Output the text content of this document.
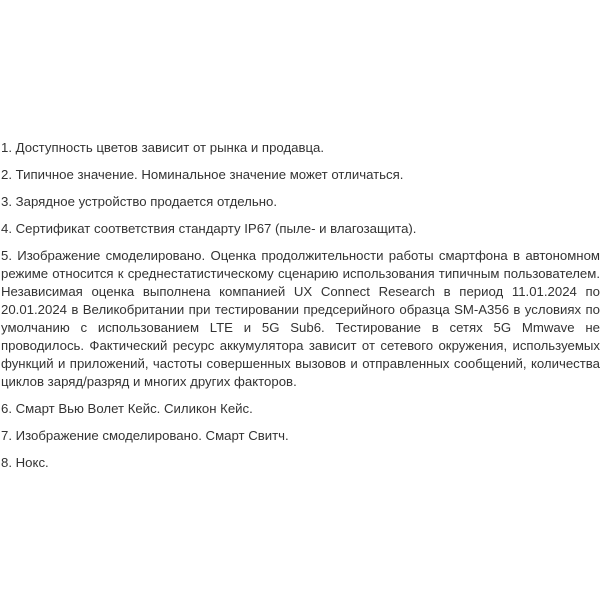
1. Доступность цветов зависит от рынка и продавца.

2. Типичное значение. Номинальное значение может отличаться.

3. Зарядное устройство продается отдельно.

4. Сертификат соответствия стандарту IP67 (пыле- и влагозащита).

5. Изображение смоделировано. Оценка продолжительности работы смартфона в автономном режиме относится к среднестатистическому сценарию использования типичным пользователем. Независимая оценка выполнена компанией UX Connect Research в период 11.01.2024 по 20.01.2024 в Великобритании при тестировании предсерийного образца SM-A356 в условиях по умолчанию с использованием LTE и 5G Sub6. Тестирование в сетях 5G Mmwave не проводилось. Фактический ресурс аккумулятора зависит от сетевого окружения, используемых функций и приложений, частоты совершенных вызовов и отправленных сообщений, количества циклов заряд/разряд и многих других факторов.

6. Смарт Вью Волет Кейс. Силикон Кейс.

7. Изображение смоделировано. Смарт Свитч.

8. Нокс.
